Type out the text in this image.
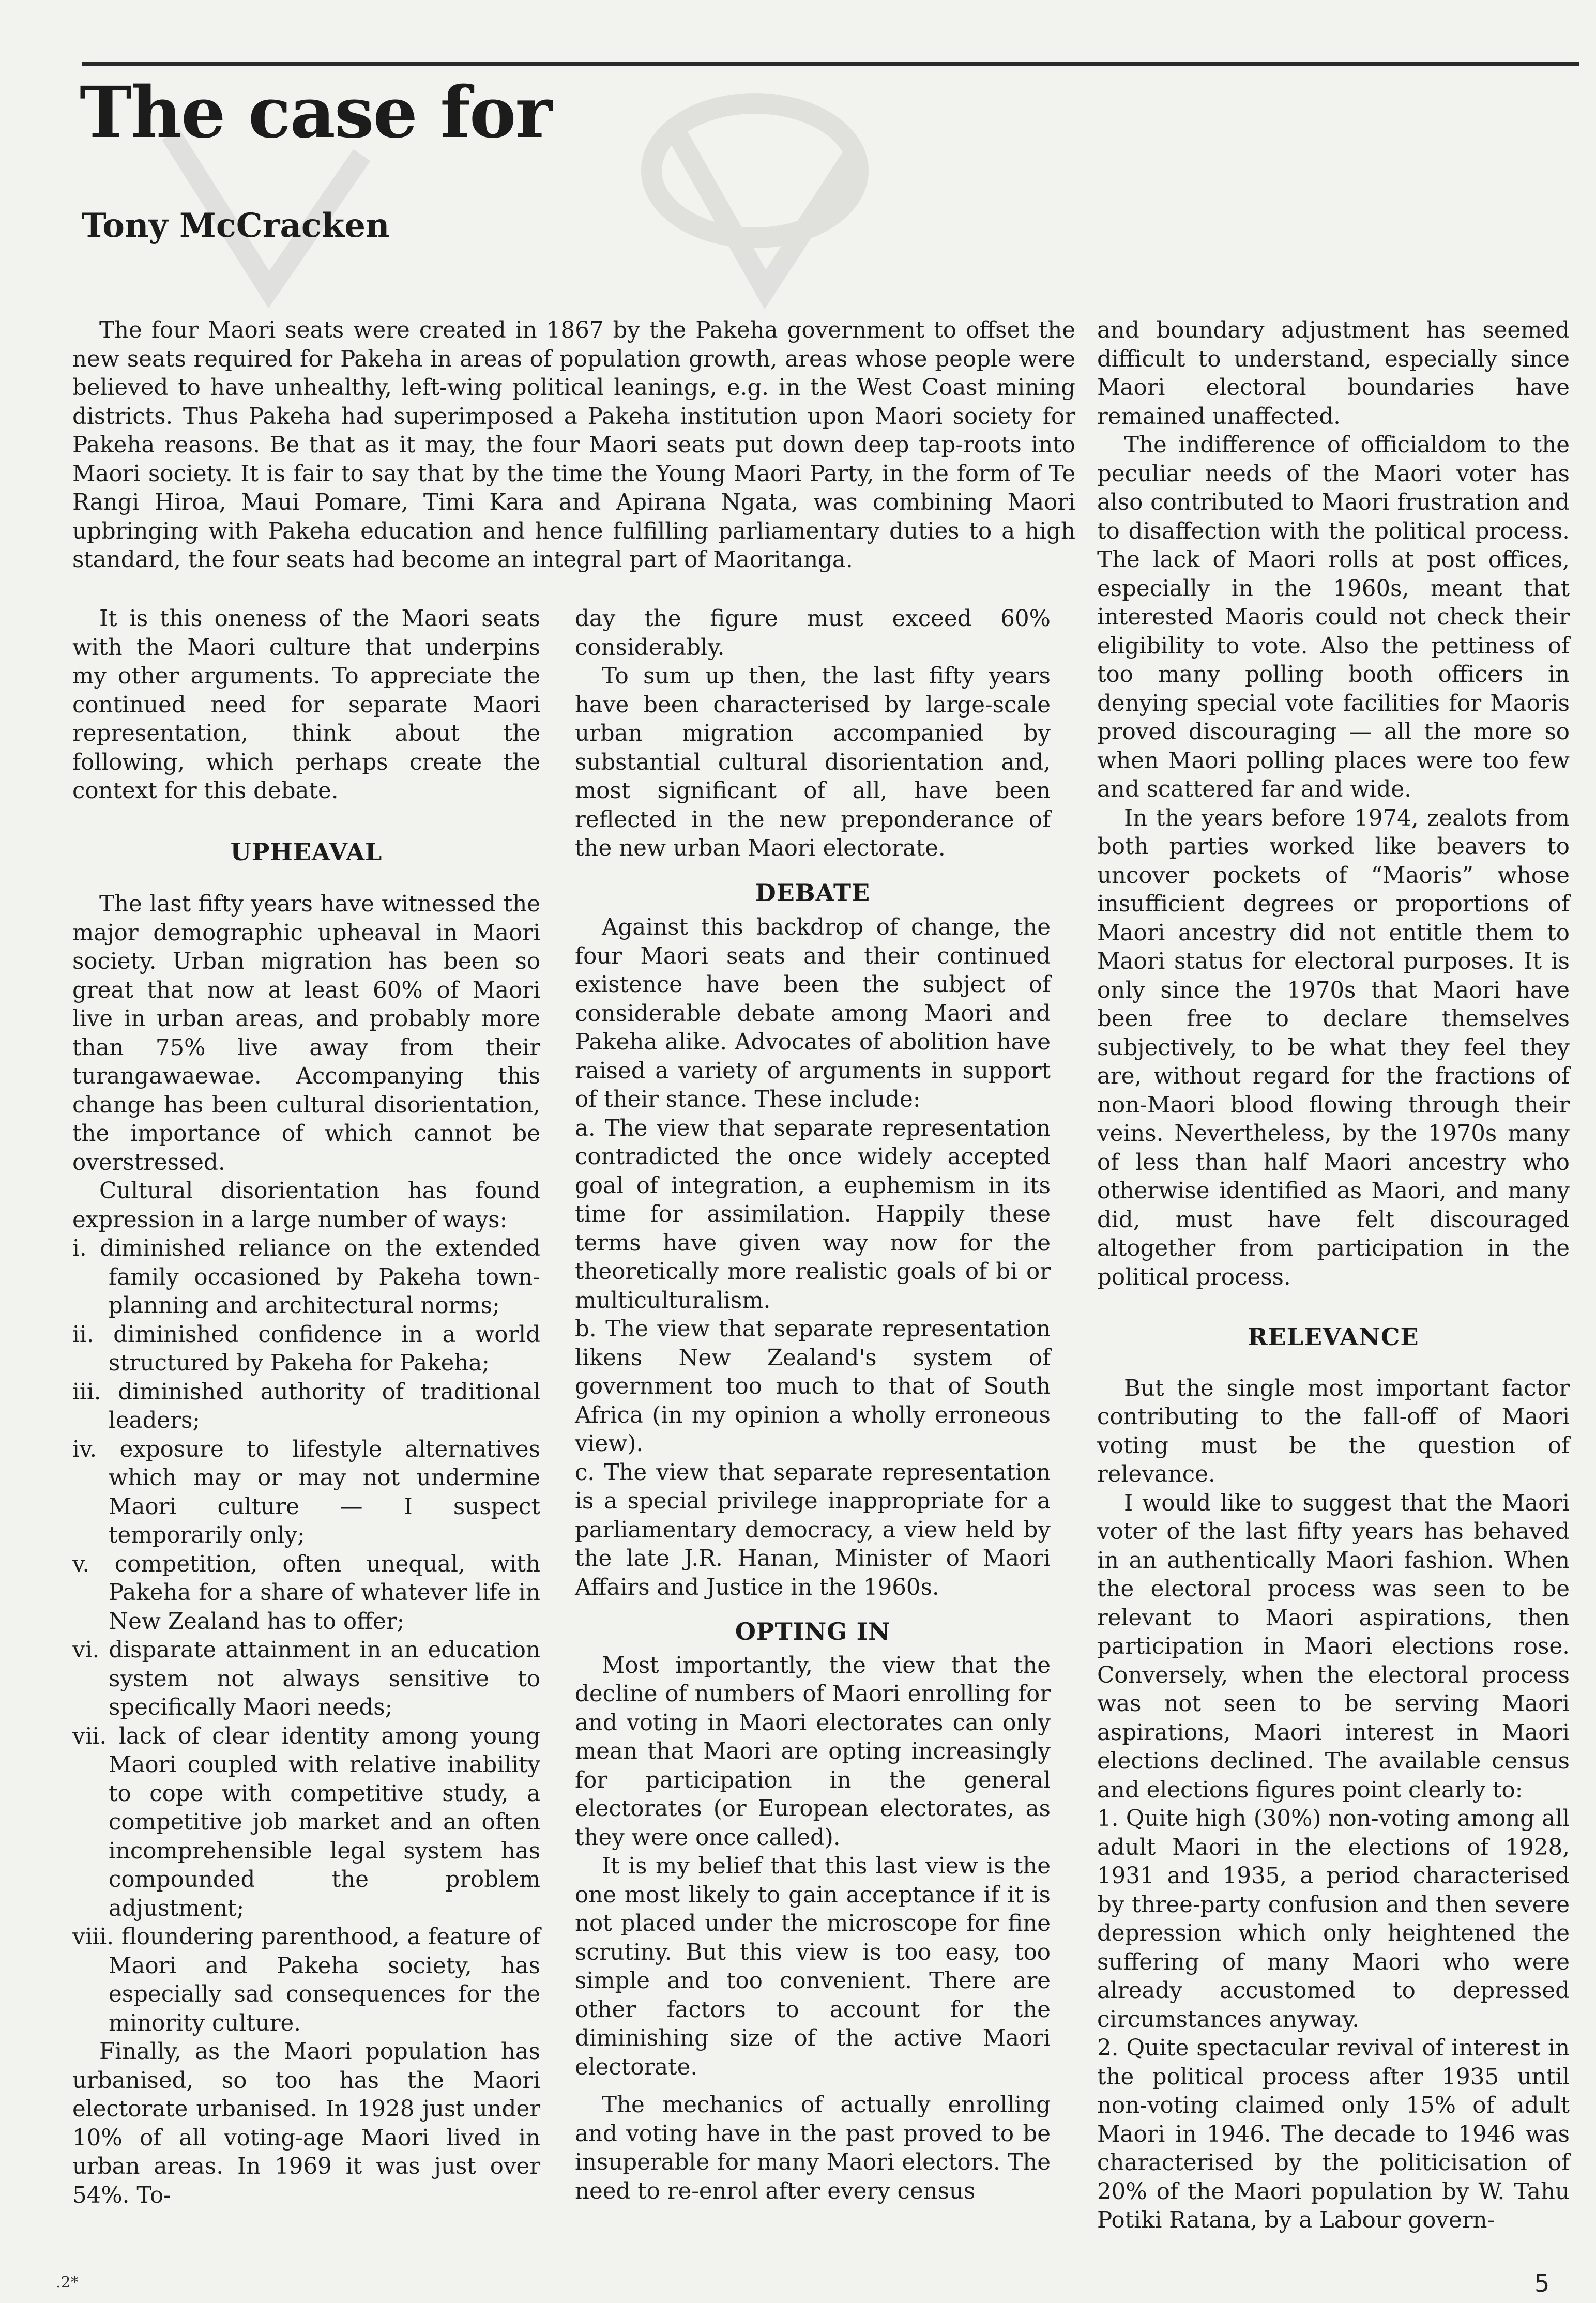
The case for
Tony McCracken

The four Maori seats were created in 1867 by the Pakeha government to offset the new seats required for Pakeha in areas of population growth, areas whose people were believed to have unhealthy, left-wing political leanings, e.g. in the West Coast mining districts. Thus Pakeha had superimposed a Pakeha institution upon Maori society for Pakeha reasons. Be that as it may, the four Maori seats put down deep tap-roots into Maori society. It is fair to say that by the time the Young Maori Party, in the form of Te Rangi Hiroa, Maui Pomare, Timi Kara and Apirana Ngata, was combining Maori upbringing with Pakeha education and hence fulfilling parliamentary duties to a high standard, the four seats had become an integral part of Maoritanga.

It is this oneness of the Maori seats with the Maori culture that underpins my other arguments. To appreciate the continued need for separate Maori representation, think about the following, which perhaps create the context for this debate.

UPHEAVAL

The last fifty years have witnessed the major demographic upheaval in Maori society. Urban migration has been so great that now at least 60% of Maori live in urban areas, and probably more than 75% live away from their turangawaewae. Accompanying this change has been cultural disorientation, the importance of which cannot be overstressed.

Cultural disorientation has found expression in a large number of ways:

i. diminished reliance on the extended family occasioned by Pakeha town-planning and architectural norms;

ii. diminished confidence in a world structured by Pakeha for Pakeha;

iii. diminished authority of traditional leaders;

iv. exposure to lifestyle alternatives which may or may not undermine Maori culture — I suspect temporarily only;

v. competition, often unequal, with Pakeha for a share of whatever life in New Zealand has to offer;

vi. disparate attainment in an education system not always sensitive to specifically Maori needs;

vii. lack of clear identity among young Maori coupled with relative inability to cope with competitive study, a competitive job market and an often incomprehensible legal system has compounded the problem adjustment;

viii. floundering parenthood, a feature of Maori and Pakeha society, has especially sad consequences for the minority culture.

Finally, as the Maori population has urbanised, so too has the Maori electorate urbanised. In 1928 just under 10% of all voting-age Maori lived in urban areas. In 1969 it was just over 54%. To-

day the figure must exceed 60% considerably.

To sum up then, the last fifty years have been characterised by large-scale urban migration accompanied by substantial cultural disorientation and, most significant of all, have been reflected in the new preponderance of the new urban Maori electorate.

DEBATE

Against this backdrop of change, the four Maori seats and their continued existence have been the subject of considerable debate among Maori and Pakeha alike. Advocates of abolition have raised a variety of arguments in support of their stance. These include:

a. The view that separate representation contradicted the once widely accepted goal of integration, a euphemism in its time for assimilation. Happily these terms have given way now for the theoretically more realistic goals of bi or multiculturalism.

b. The view that separate representation likens New Zealand's system of government too much to that of South Africa (in my opinion a wholly erroneous view).

c. The view that separate representation is a special privilege inappropriate for a parliamentary democracy, a view held by the late J.R. Hanan, Minister of Maori Affairs and Justice in the 1960s.

OPTING IN

Most importantly, the view that the decline of numbers of Maori enrolling for and voting in Maori electorates can only mean that Maori are opting increasingly for participation in the general electorates (or European electorates, as they were once called).

It is my belief that this last view is the one most likely to gain acceptance if it is not placed under the microscope for fine scrutiny. But this view is too easy, too simple and too convenient. There are other factors to account for the diminishing size of the active Maori electorate.

The mechanics of actually enrolling and voting have in the past proved to be insuperable for many Maori electors. The need to re-enrol after every census

and boundary adjustment has seemed difficult to understand, especially since Maori electoral boundaries have remained unaffected.

The indifference of officialdom to the peculiar needs of the Maori voter has also contributed to Maori frustration and to disaffection with the political process. The lack of Maori rolls at post offices, especially in the 1960s, meant that interested Maoris could not check their eligibility to vote. Also the pettiness of too many polling booth officers in denying special vote facilities for Maoris proved discouraging — all the more so when Maori polling places were too few and scattered far and wide.

In the years before 1974, zealots from both parties worked like beavers to uncover pockets of “Maoris” whose insufficient degrees or proportions of Maori ancestry did not entitle them to Maori status for electoral purposes. It is only since the 1970s that Maori have been free to declare themselves subjectively, to be what they feel they are, without regard for the fractions of non-Maori blood flowing through their veins. Nevertheless, by the 1970s many of less than half Maori ancestry who otherwise identified as Maori, and many did, must have felt discouraged altogether from participation in the political process.

RELEVANCE

But the single most important factor contributing to the fall-off of Maori voting must be the question of relevance.

I would like to suggest that the Maori voter of the last fifty years has behaved in an authentically Maori fashion. When the electoral process was seen to be relevant to Maori aspirations, then participation in Maori elections rose. Conversely, when the electoral process was not seen to be serving Maori aspirations, Maori interest in Maori elections declined. The available census and elections figures point clearly to:

1. Quite high (30%) non-voting among all adult Maori in the elections of 1928, 1931 and 1935, a period characterised by three-party confusion and then severe depression which only heightened the suffering of many Maori who were already accustomed to depressed circumstances anyway.

2. Quite spectacular revival of interest in the political process after 1935 until non-voting claimed only 15% of adult Maori in 1946. The decade to 1946 was characterised by the politicisation of 20% of the Maori population by W. Tahu Potiki Ratana, by a Labour govern-

.2*	5
